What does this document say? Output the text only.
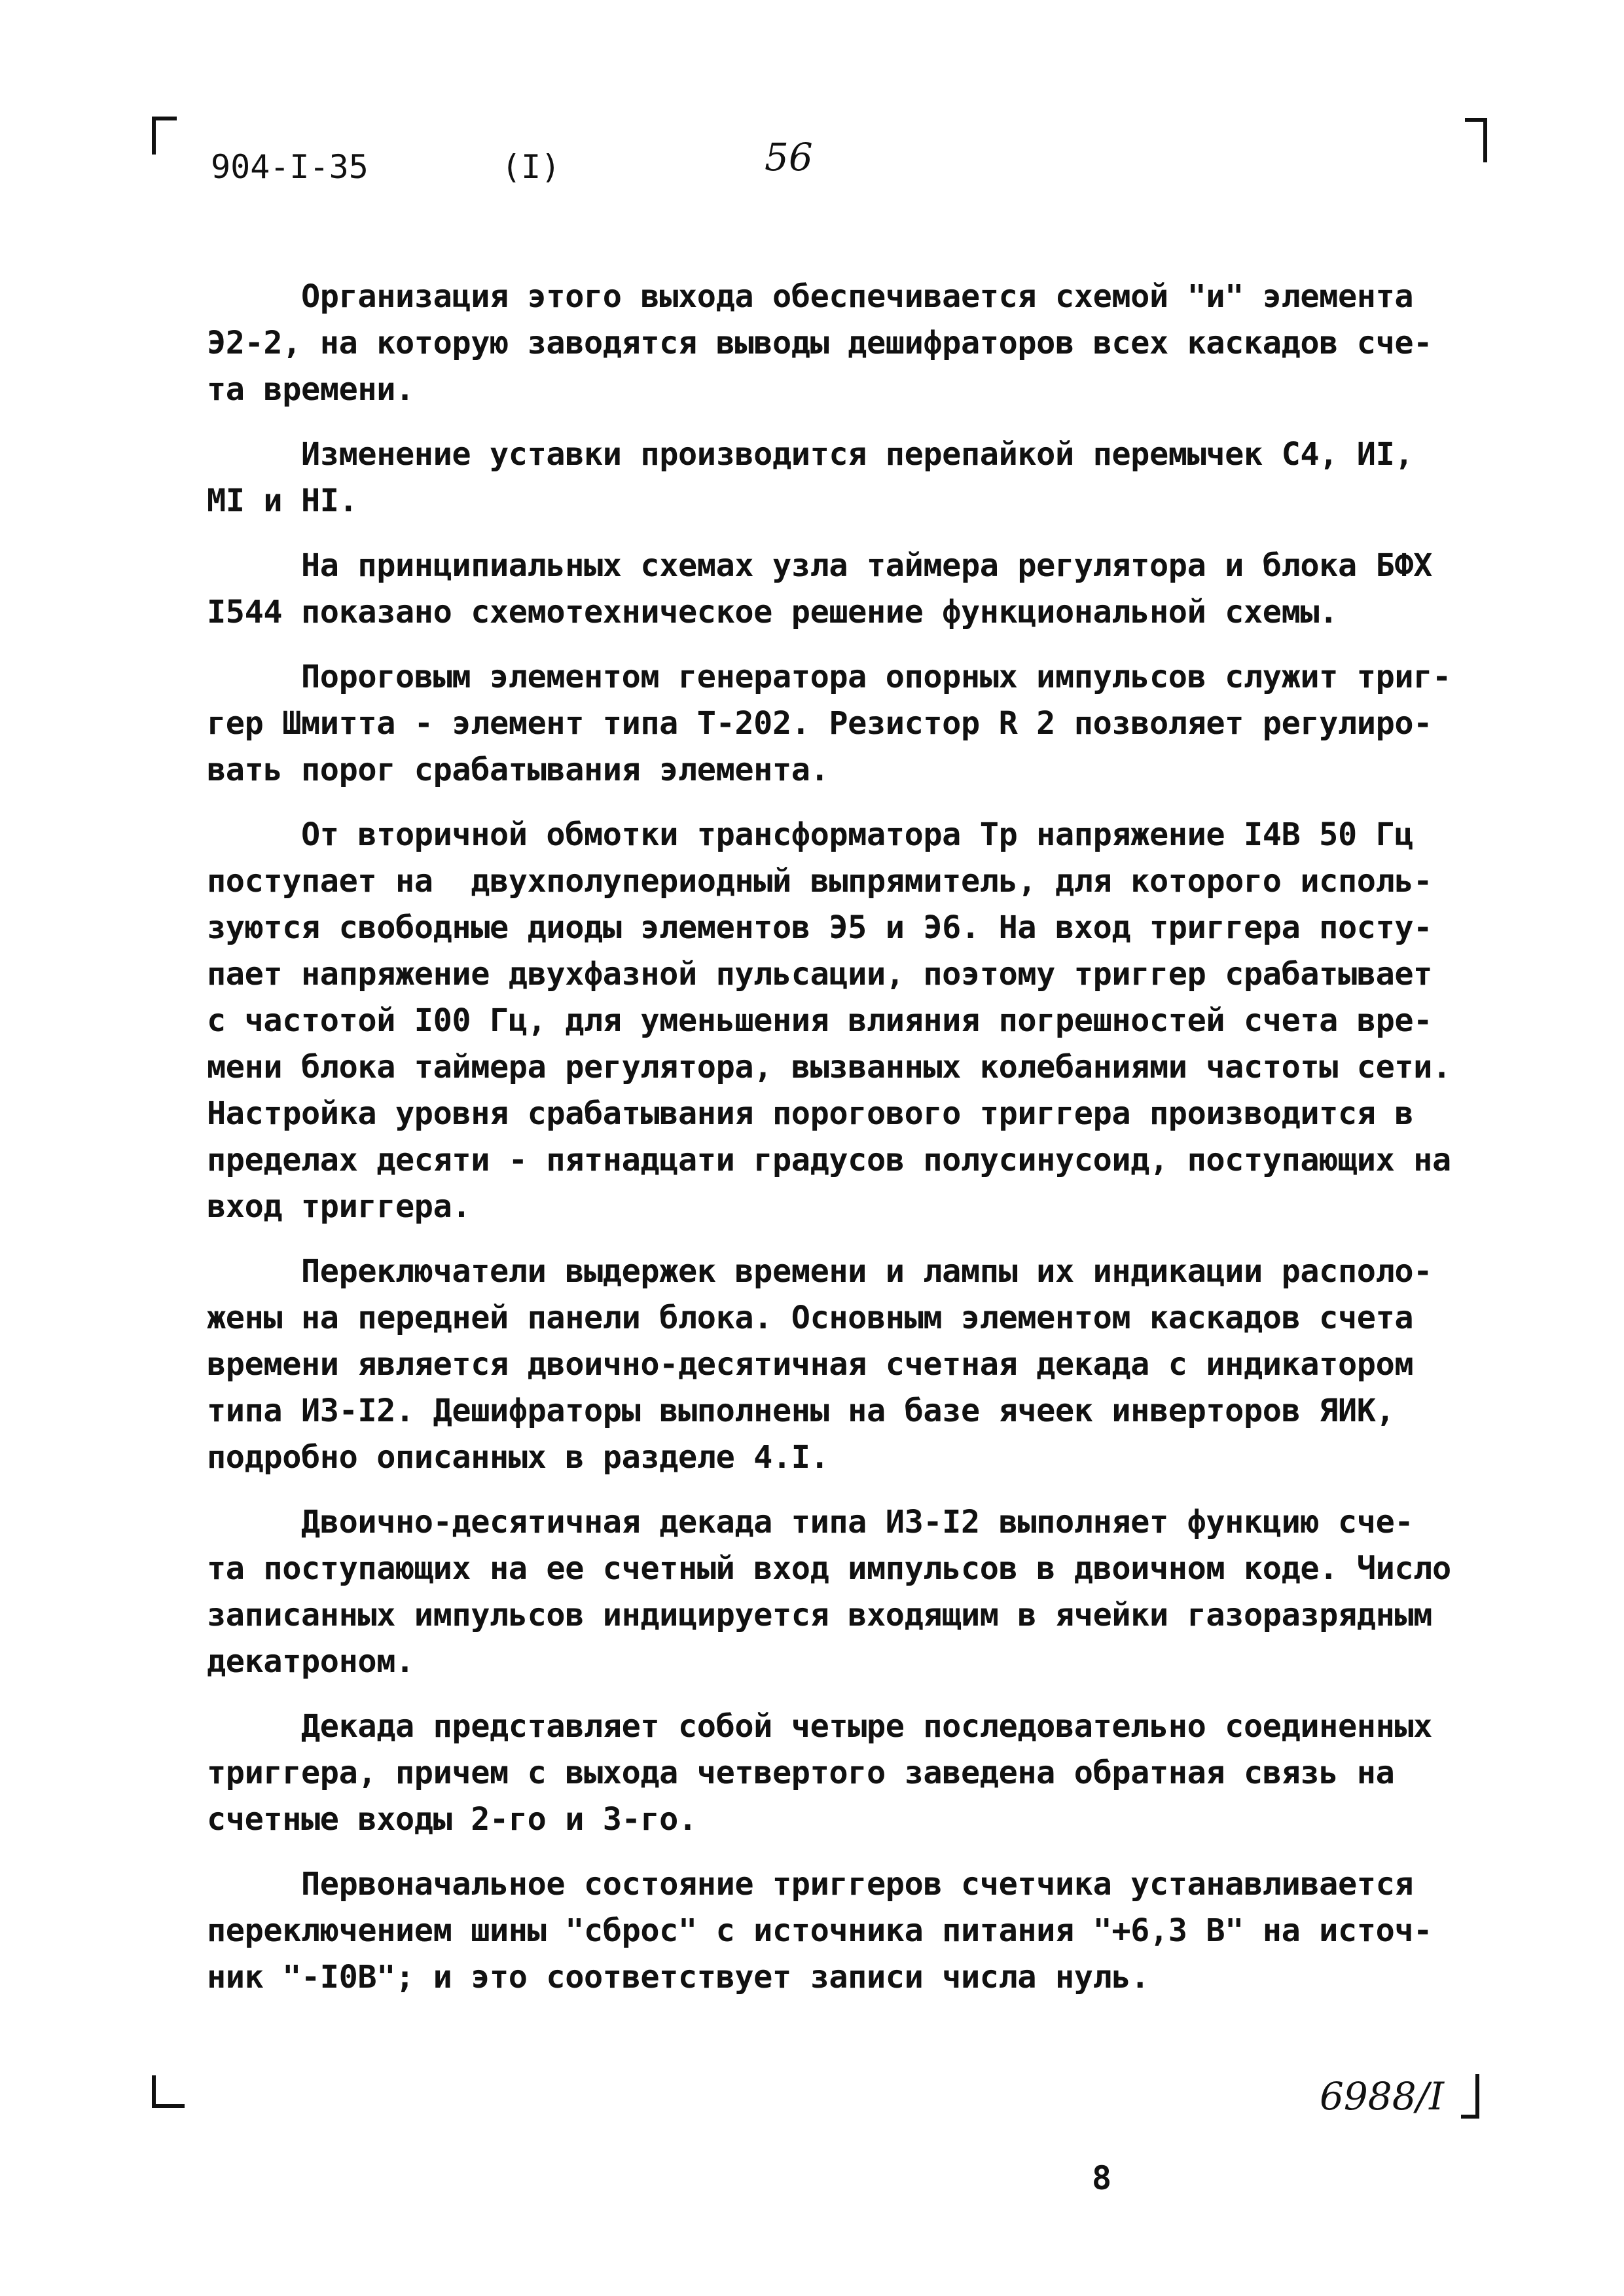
904-I-35	(I)	56

Организация этого выхода обеспечивается схемой "и" элемента
Э2-2, на которую заводятся выводы дешифраторов всех каскадов сче-
та времени.

Изменение уставки производится перепайкой перемычек С4, ИI,
МI и НI.

На принципиальных схемах узла таймера регулятора и блока БФХ
I544 показано схемотехническое решение функциональной схемы.

Пороговым элементом генератора опорных импульсов служит триг-
гер Шмитта - элемент типа Т-202. Резистор R 2 позволяет регулиро-
вать порог срабатывания элемента.

От вторичной обмотки трансформатора Тр напряжение I4B 50 Гц
поступает на  двухполупериодный выпрямитель, для которого исполь-
зуются свободные диоды элементов Э5 и Э6. На вход триггера посту-
пает напряжение двухфазной пульсации, поэтому триггер срабатывает
с частотой I00 Гц, для уменьшения влияния погрешностей счета вре-
мени блока таймера регулятора, вызванных колебаниями частоты сети.
Настройка уровня срабатывания порогового триггера производится в
пределах десяти - пятнадцати градусов полусинусоид, поступающих на
вход триггера.

Переключатели выдержек времени и лампы их индикации располо-
жены на передней панели блока. Основным элементом каскадов счета
времени является двоично-десятичная счетная декада с индикатором
типа ИЗ-I2. Дешифраторы выполнены на базе ячеек инверторов ЯИК,
подробно описанных в разделе 4.I.

Двоично-десятичная декада типа ИЗ-I2 выполняет функцию сче-
та поступающих на ее счетный вход импульсов в двоичном коде. Число
записанных импульсов индицируется входящим в ячейки газоразрядным
декатроном.

Декада представляет собой четыре последовательно соединенных
триггера, причем с выхода четвертого заведена обратная связь на
счетные входы 2-го и 3-го.

Первоначальное состояние триггеров счетчика устанавливается
переключением шины "сброс" с источника питания "+6,3 В" на источ-
ник "-I0В"; и это соответствует записи числа нуль.

6988/I
8
